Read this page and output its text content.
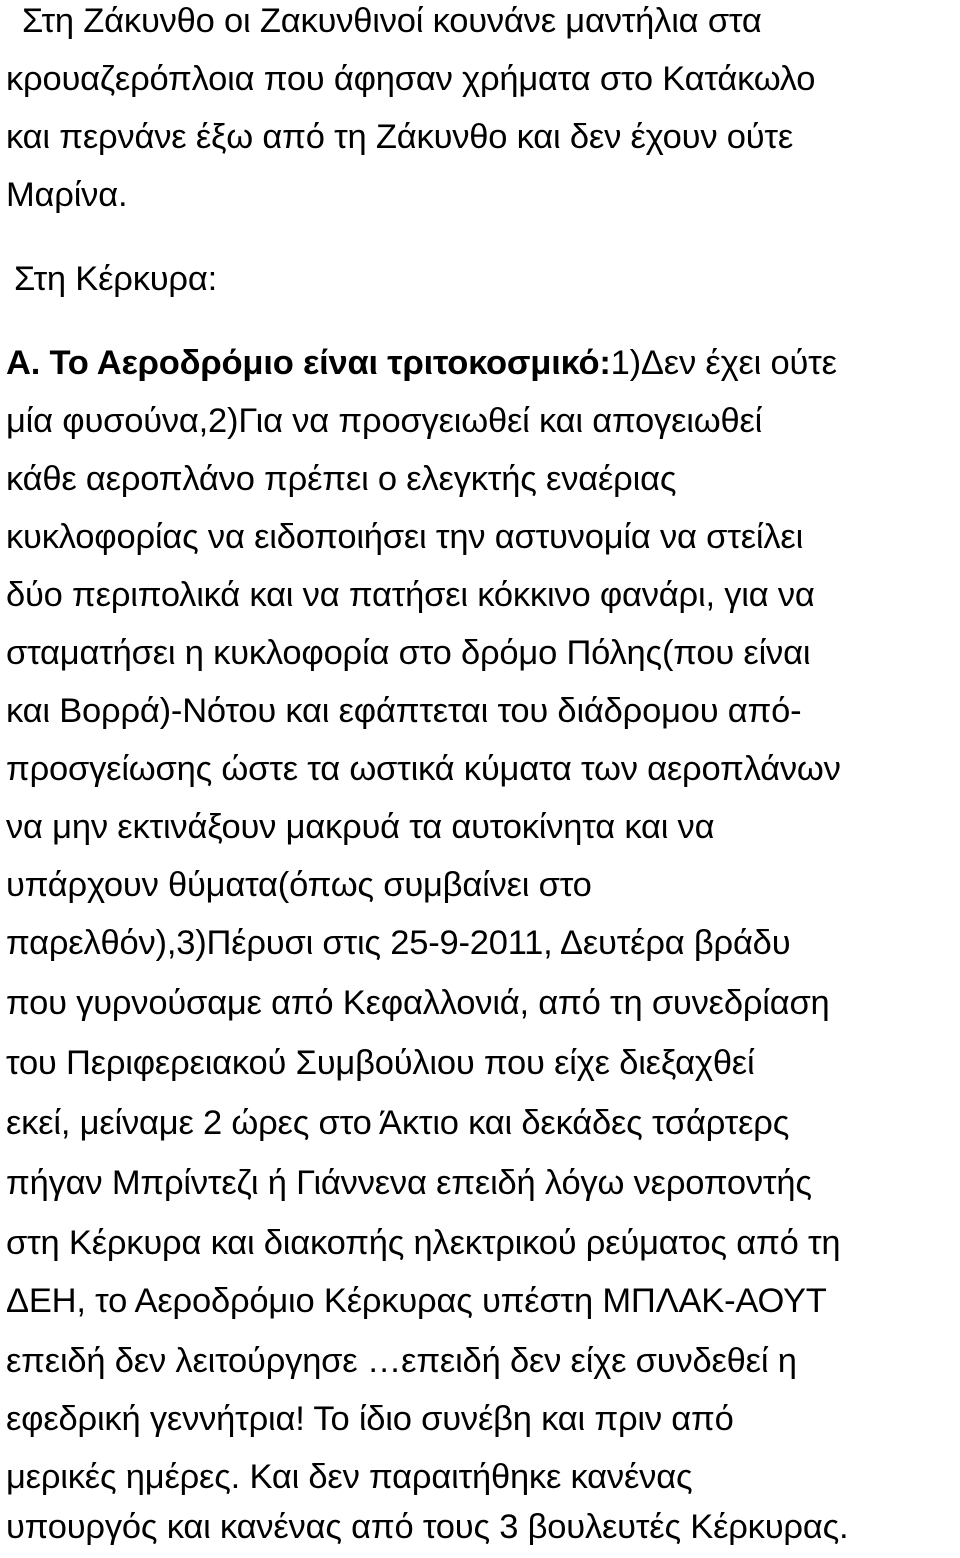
Στη Ζάκυνθο οι Ζακυνθινοί κουνάνε μαντήλια στα
κρουαζερόπλοια που άφησαν χρήματα στο Κατάκωλο
και περνάνε έξω από τη Ζάκυνθο και δεν έχουν ούτε
Μαρίνα.
Στη Κέρκυρα:
Α. Το Αεροδρόμιο είναι τριτοκοσμικό:1)Δεν έχει ούτε
μία φυσούνα,2)Για να προσγειωθεί και απογειωθεί
κάθε αεροπλάνο πρέπει ο ελεγκτής εναέριας
κυκλοφορίας να ειδοποιήσει την αστυνομία να στείλει
δύο περιπολικά και να πατήσει κόκκινο φανάρι, για να
σταματήσει η κυκλοφορία στο δρόμο Πόλης(που είναι
και Βορρά)-Νότου και εφάπτεται του διάδρομου από-
προσγείωσης ώστε τα ωστικά κύματα των αεροπλάνων
να μην εκτινάξουν μακρυά τα αυτοκίνητα και να
υπάρχουν θύματα(όπως συμβαίνει στο
παρελθόν),3)Πέρυσι στις 25-9-2011, Δευτέρα βράδυ
που γυρνούσαμε από Κεφαλλονιά, από τη συνεδρίαση
του Περιφερειακού Συμβούλιου που είχε διεξαχθεί
εκεί, μείναμε 2 ώρες στο Άκτιο και δεκάδες τσάρτερς
πήγαν Μπρίντεζι ή Γιάννενα επειδή λόγω νεροποντής
στη Κέρκυρα και διακοπής ηλεκτρικού ρεύματος από τη
ΔΕΗ, το Αεροδρόμιο Κέρκυρας υπέστη ΜΠΛΑΚ-ΑΟΥΤ
επειδή δεν λειτούργησε …επειδή δεν είχε συνδεθεί η
εφεδρική γεννήτρια! Το ίδιο συνέβη και πριν από
μερικές ημέρες. Και δεν παραιτήθηκε κανένας
υπουργός και κανένας από τους 3 βουλευτές Κέρκυρας.
